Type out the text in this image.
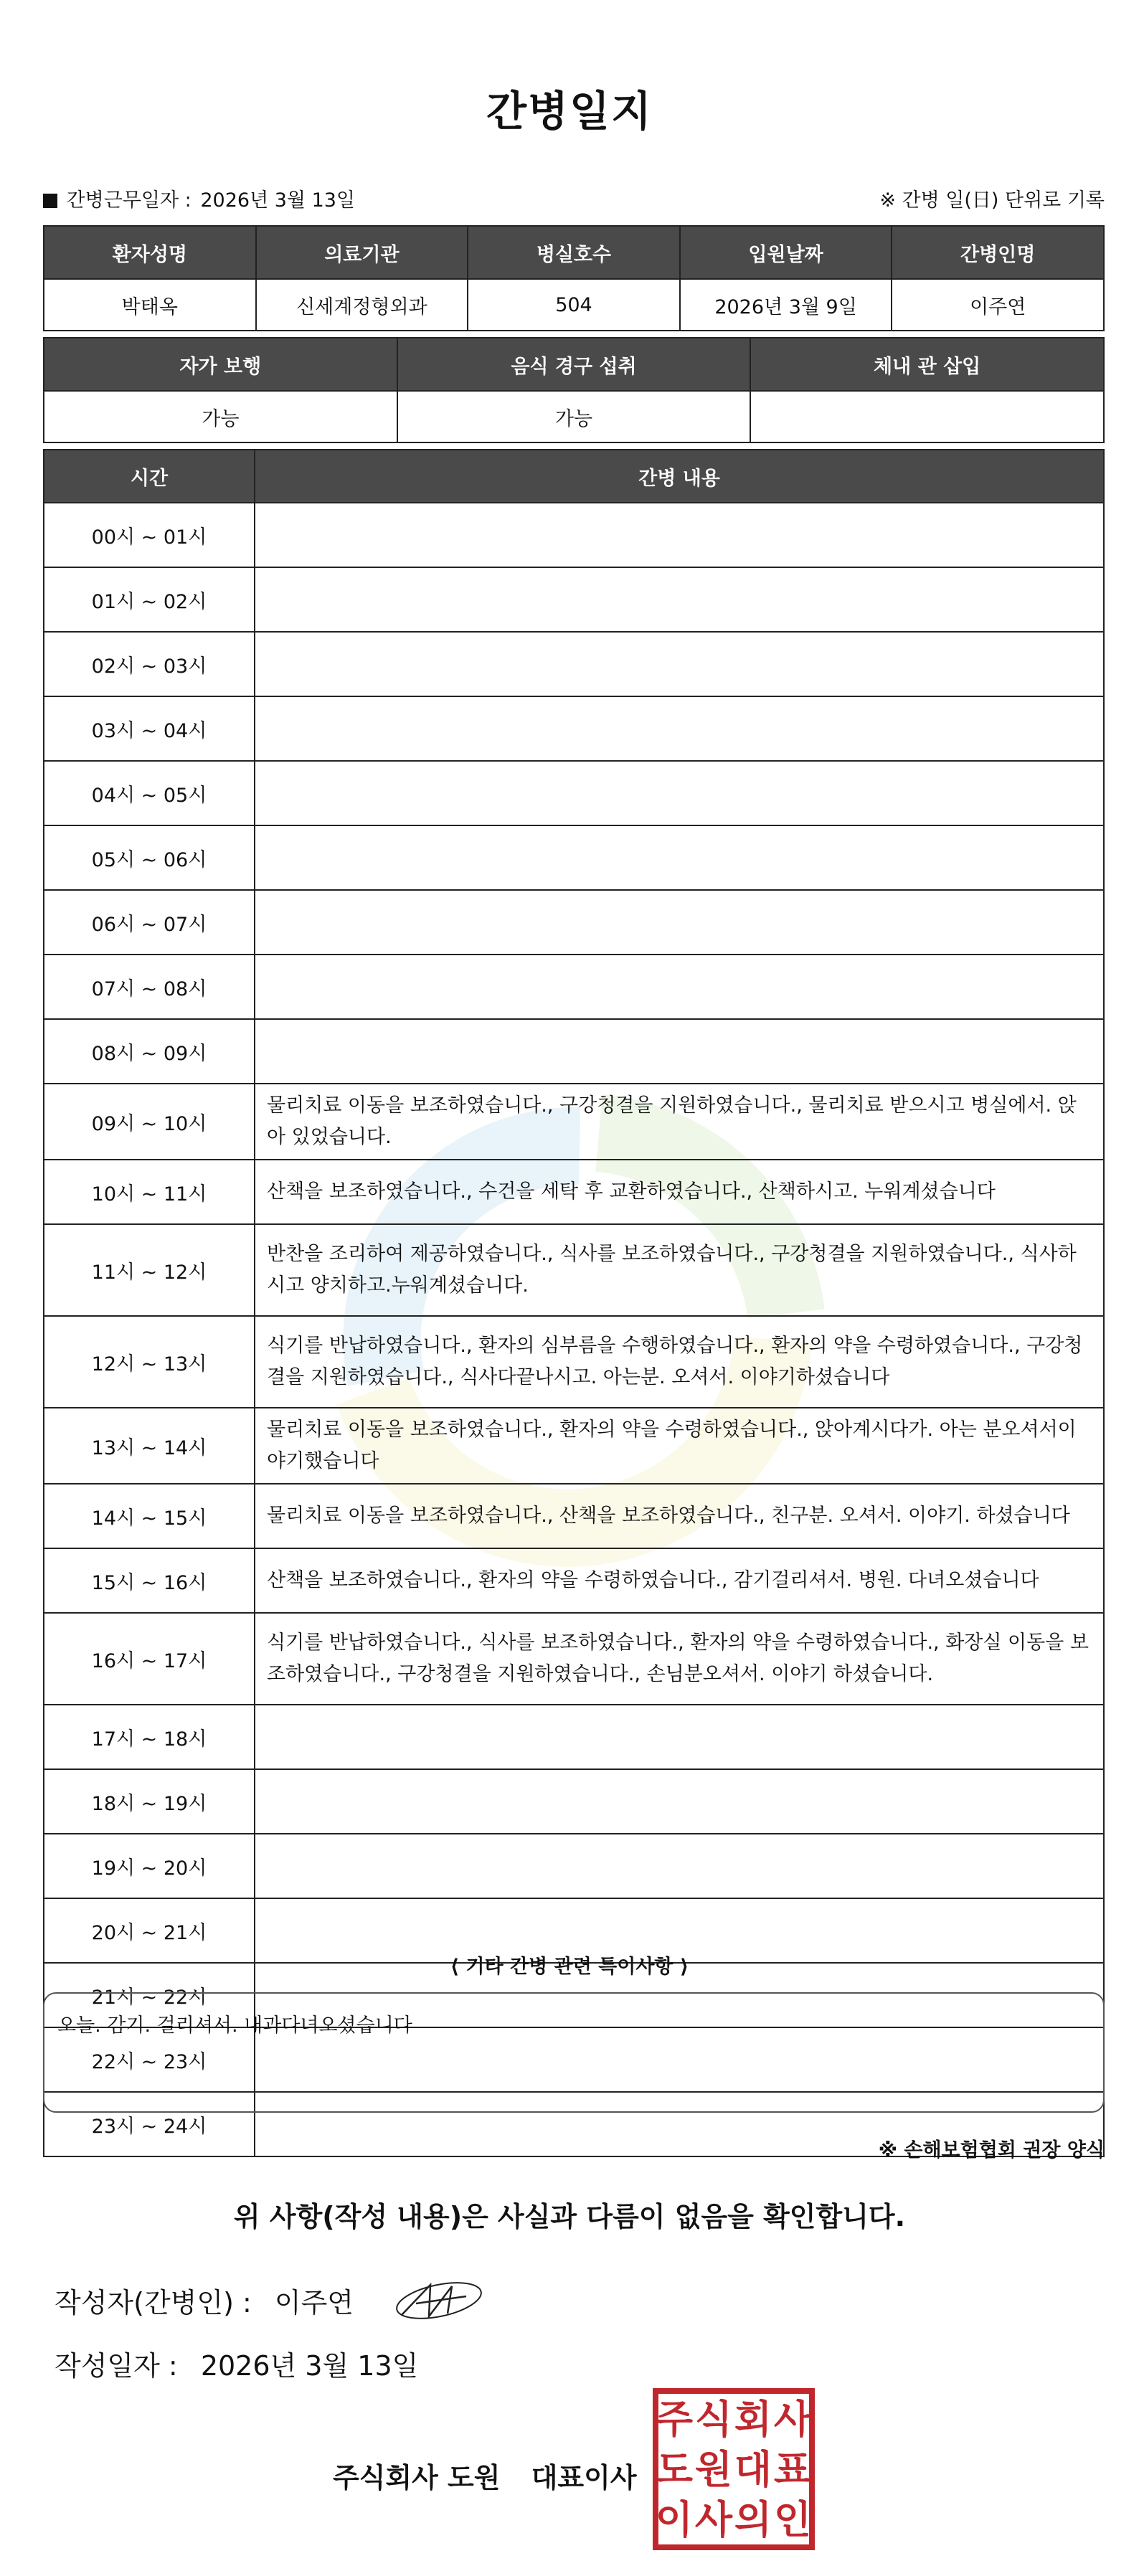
간병일지
간병근무일자 : 2026년 3월 13일	※ 간병 일(日) 단위로 기록
환자성명	의료기관	병실호수	입원날짜	간병인명
박태옥	신세계정형외과	504	2026년 3월 9일	이주연
자가 보행	음식 경구 섭취	체내 관 삽입
가능	가능	
시간	간병 내용
00시 ~ 01시	
01시 ~ 02시	
02시 ~ 03시	
03시 ~ 04시	
04시 ~ 05시	
05시 ~ 06시	
06시 ~ 07시	
07시 ~ 08시	
08시 ~ 09시	
09시 ~ 10시	물리치료 이동을 보조하였습니다., 구강청결을 지원하였습니다., 물리치료 받으시고 병실에서. 앉아 있었습니다.
10시 ~ 11시	산책을 보조하였습니다., 수건을 세탁 후 교환하였습니다., 산책하시고. 누워계셨습니다
11시 ~ 12시	반찬을 조리하여 제공하였습니다., 식사를 보조하였습니다., 구강청결을 지원하였습니다., 식사하시고 양치하고.누워계셨습니다.
12시 ~ 13시	식기를 반납하였습니다., 환자의 심부름을 수행하였습니다., 환자의 약을 수령하였습니다., 구강청결을 지원하였습니다., 식사다끝나시고. 아는분. 오셔서. 이야기하셨습니다
13시 ~ 14시	물리치료 이동을 보조하였습니다., 환자의 약을 수령하였습니다., 앉아계시다가. 아는 분오셔서이야기했습니다
14시 ~ 15시	물리치료 이동을 보조하였습니다., 산책을 보조하였습니다., 친구분. 오셔서. 이야기. 하셨습니다
15시 ~ 16시	산책을 보조하였습니다., 환자의 약을 수령하였습니다., 감기걸리셔서. 병원. 다녀오셨습니다
16시 ~ 17시	식기를 반납하였습니다., 식사를 보조하였습니다., 환자의 약을 수령하였습니다., 화장실 이동을 보조하였습니다., 구강청결을 지원하였습니다., 손님분오셔서. 이야기 하셨습니다.
17시 ~ 18시	
18시 ~ 19시	
19시 ~ 20시	
20시 ~ 21시	
21시 ~ 22시	
22시 ~ 23시	
23시 ~ 24시	
⟨ 기타 간병 관련 특이사항 ⟩
오늘. 감기. 걸리셔서. 내과다녀오셨습니다
※ 손해보험협회 권장 양식
위 사항(작성 내용)은 사실과 다름이 없음을 확인합니다.
작성자(간병인) : 이주연
작성일자 : 2026년 3월 13일
주식회사 도원 대표이사
주 식 회 사
도 원 대 표
이 사 의 인
